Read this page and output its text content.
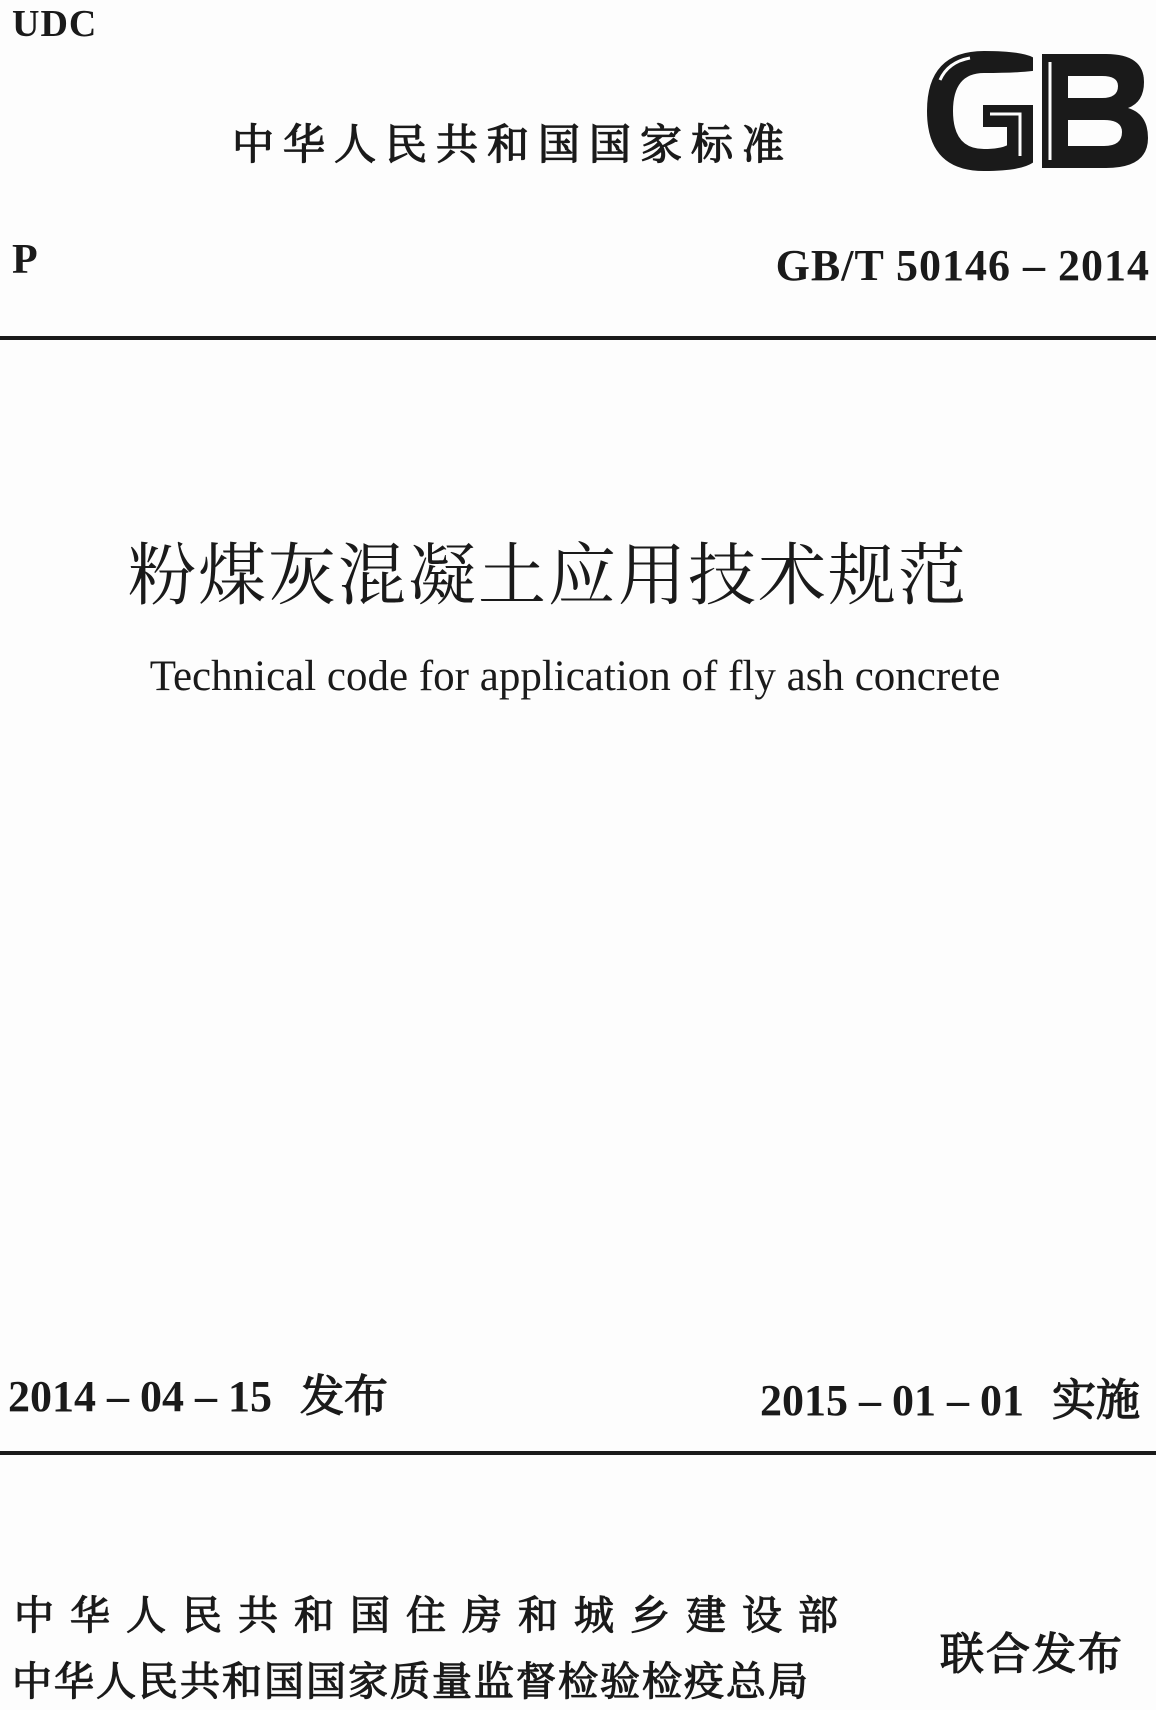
UDC
中华人民共和国国家标准
P	GB/T 50146 – 2014
粉煤灰混凝土应用技术规范
Technical code for application of fly ash concrete
2014 – 04 – 15 发布	2015 – 01 – 01 实施
中华人民共和国住房和城乡建设部
中华人民共和国国家质量监督检验检疫总局
联合发布
